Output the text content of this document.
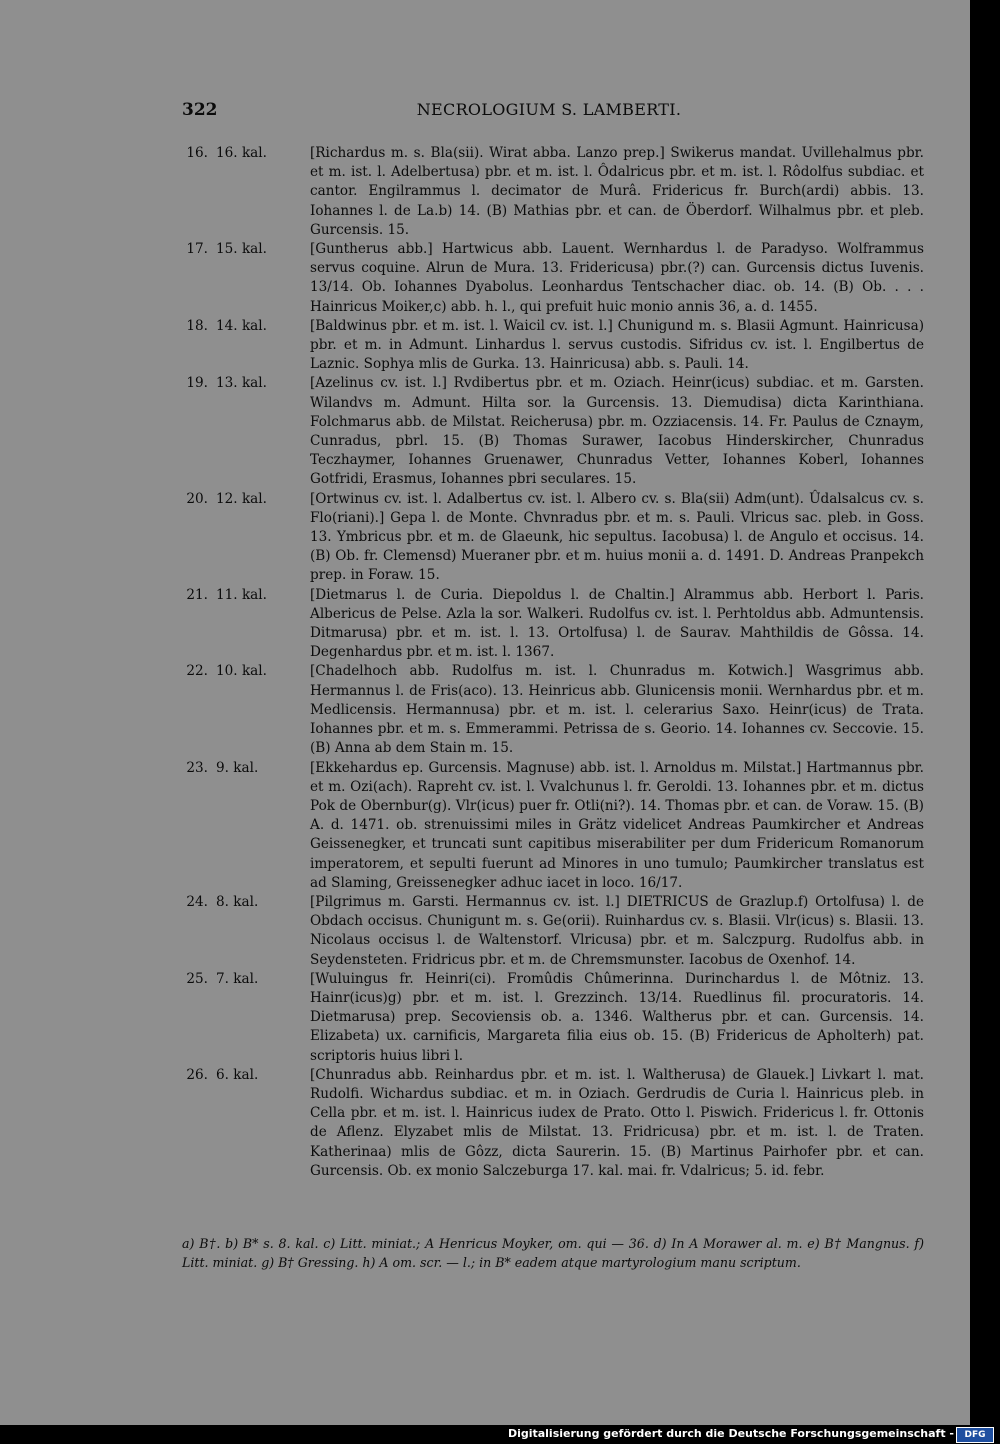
322	NECROLOGIUM S. LAMBERTI.
16. 16. kal.	[Richardus m. s. Bla(sii). Wirat abba. Lanzo prep.] Swikerus mandat. Uvillehalmus pbr. et m. ist. l. Adelbertusa) pbr. et m. ist. l. Ôdalricus pbr. et m. ist. l. Rôdolfus subdiac. et cantor. Engilrammus l. decimator de Murâ. Fridericus fr. Burch(ardi) abbis. 13. Iohannes l. de La.b) 14. (B) Mathias pbr. et can. de Öberdorf. Wilhalmus pbr. et pleb. Gurcensis. 15.
17. 15. kal.	[Guntherus abb.] Hartwicus abb. Lauent. Wernhardus l. de Paradyso. Wolframmus servus coquine. Alrun de Mura. 13. Fridericusa) pbr.(?) can. Gurcensis dictus Iuvenis. 13/14. Ob. Iohannes Dyabolus. Leonhardus Tentschacher diac. ob. 14. (B) Ob. . . . Hainricus Moiker,c) abb. h. l., qui prefuit huic monio annis 36, a. d. 1455.
18. 14. kal.	[Baldwinus pbr. et m. ist. l. Waicil cv. ist. l.] Chunigund m. s. Blasii Agmunt. Hainricusa) pbr. et m. in Admunt. Linhardus l. servus custodis. Sifridus cv. ist. l. Engilbertus de Laznic. Sophya mlis de Gurka. 13. Hainricusa) abb. s. Pauli. 14.
19. 13. kal.	[Azelinus cv. ist. l.] Rvdibertus pbr. et m. Oziach. Heinr(icus) subdiac. et m. Garsten. Wilandvs m. Admunt. Hilta sor. la Gurcensis. 13. Diemudisa) dicta Karinthiana. Folchmarus abb. de Milstat. Reicherusa) pbr. m. Ozziacensis. 14. Fr. Paulus de Cznaym, Cunradus, pbrl. 15. (B) Thomas Surawer, Iacobus Hinderskircher, Chunradus Teczhaymer, Iohannes Gruenawer, Chunradus Vetter, Iohannes Koberl, Iohannes Gotfridi, Erasmus, Iohannes pbri seculares. 15.
20. 12. kal.	[Ortwinus cv. ist. l. Adalbertus cv. ist. l. Albero cv. s. Bla(sii) Adm(unt). Ûdalsalcus cv. s. Flo(riani).] Gepa l. de Monte. Chvnradus pbr. et m. s. Pauli. Vlricus sac. pleb. in Goss. 13. Ymbricus pbr. et m. de Glaeunk, hic sepultus. Iacobusa) l. de Angulo et occisus. 14. (B) Ob. fr. Clemensd) Mueraner pbr. et m. huius monii a. d. 1491. D. Andreas Pranpekch prep. in Foraw. 15.
21. 11. kal.	[Dietmarus l. de Curia. Diepoldus l. de Chaltin.] Alrammus abb. Herbort l. Paris. Albericus de Pelse. Azla la sor. Walkeri. Rudolfus cv. ist. l. Perhtoldus abb. Admuntensis. Ditmarusa) pbr. et m. ist. l. 13. Ortolfusa) l. de Saurav. Mahthildis de Gôssa. 14. Degenhardus pbr. et m. ist. l. 1367.
22. 10. kal.	[Chadelhoch abb. Rudolfus m. ist. l. Chunradus m. Kotwich.] Wasgrimus abb. Hermannus l. de Fris(aco). 13. Heinricus abb. Glunicensis monii. Wernhardus pbr. et m. Medlicensis. Hermannusa) pbr. et m. ist. l. celerarius Saxo. Heinr(icus) de Trata. Iohannes pbr. et m. s. Emmerammi. Petrissa de s. Georio. 14. Iohannes cv. Seccovie. 15. (B) Anna ab dem Stain m. 15.
23. 9. kal.	[Ekkehardus ep. Gurcensis. Magnuse) abb. ist. l. Arnoldus m. Milstat.] Hartmannus pbr. et m. Ozi(ach). Rapreht cv. ist. l. Vvalchunus l. fr. Geroldi. 13. Iohannes pbr. et m. dictus Pok de Obernbur(g). Vlr(icus) puer fr. Otli(ni?). 14. Thomas pbr. et can. de Voraw. 15. (B) A. d. 1471. ob. strenuissimi miles in Grätz videlicet Andreas Paumkircher et Andreas Geissenegker, et truncati sunt capitibus miserabiliter per dum Fridericum Romanorum imperatorem, et sepulti fuerunt ad Minores in uno tumulo; Paumkircher translatus est ad Slaming, Greissenegker adhuc iacet in loco. 16/17.
24. 8. kal.	[Pilgrimus m. Garsti. Hermannus cv. ist. l.] DIETRICUS de Grazlup.f) Ortolfusa) l. de Obdach occisus. Chunigunt m. s. Ge(orii). Ruinhardus cv. s. Blasii. Vlr(icus) s. Blasii. 13. Nicolaus occisus l. de Waltenstorf. Vlricusa) pbr. et m. Salczpurg. Rudolfus abb. in Seydensteten. Fridricus pbr. et m. de Chremsmunster. Iacobus de Oxenhof. 14.
25. 7. kal.	[Wuluingus fr. Heinri(ci). Fromûdis Chûmerinna. Durinchardus l. de Môtniz. 13. Hainr(icus)g) pbr. et m. ist. l. Grezzinch. 13/14. Ruedlinus fil. procuratoris. 14. Dietmarusa) prep. Secoviensis ob. a. 1346. Waltherus pbr. et can. Gurcensis. 14. Elizabeta) ux. carnificis, Margareta filia eius ob. 15. (B) Fridericus de Apholterh) pat. scriptoris huius libri l.
26. 6. kal.	[Chunradus abb. Reinhardus pbr. et m. ist. l. Waltherusa) de Glauek.] Livkart l. mat. Rudolfi. Wichardus subdiac. et m. in Oziach. Gerdrudis de Curia l. Hainricus pleb. in Cella pbr. et m. ist. l. Hainricus iudex de Prato. Otto l. Piswich. Fridericus l. fr. Ottonis de Aflenz. Elyzabet mlis de Milstat. 13. Fridricusa) pbr. et m. ist. l. de Traten. Katherinaa) mlis de Gôzz, dicta Saurerin. 15. (B) Martinus Pairhofer pbr. et can. Gurcensis. Ob. ex monio Salczeburga 17. kal. mai. fr. Vdalricus; 5. id. febr.
a) B†. b) B* s. 8. kal. c) Litt. miniat.; A Henricus Moyker, om. qui — 36. d) In A Morawer al. m. e) B† Mangnus. f) Litt. miniat. g) B† Gressing. h) A om. scr. — l.; in B* eadem atque martyrologium manu scriptum.
Digitalisierung gefördert durch die Deutsche Forschungsgemeinschaft -	DFG
